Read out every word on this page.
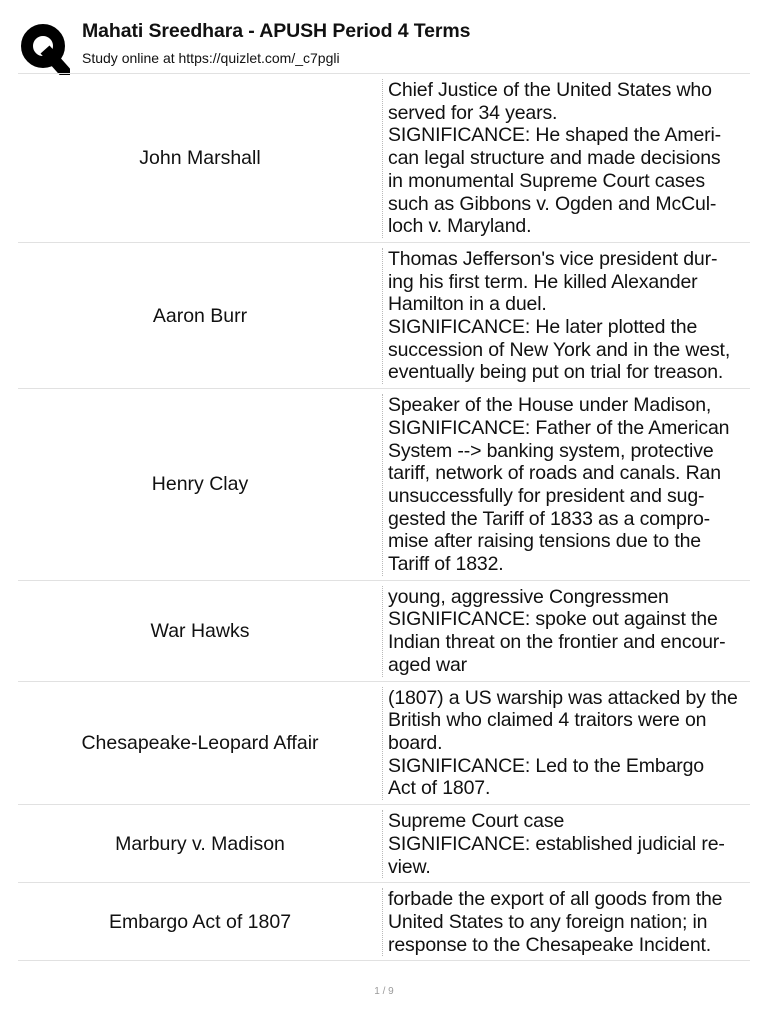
Mahati Sreedhara - APUSH Period 4 Terms
Study online at https://quizlet.com/_c7pgli
John Marshall
Chief Justice of the United States who
served for 34 years.
SIGNIFICANCE: He shaped the Ameri-
can legal structure and made decisions
in monumental Supreme Court cases
such as Gibbons v. Ogden and McCul-
loch v. Maryland.
Aaron Burr
Thomas Jefferson's vice president dur-
ing his first term. He killed Alexander
Hamilton in a duel.
SIGNIFICANCE: He later plotted the
succession of New York and in the west,
eventually being put on trial for treason.
Henry Clay
Speaker of the House under Madison,
SIGNIFICANCE: Father of the American
System --> banking system, protective
tariff, network of roads and canals. Ran
unsuccessfully for president and sug-
gested the Tariff of 1833 as a compro-
mise after raising tensions due to the
Tariff of 1832.
War Hawks
young, aggressive Congressmen
SIGNIFICANCE: spoke out against the
Indian threat on the frontier and encour-
aged war
Chesapeake-Leopard Affair
(1807) a US warship was attacked by the
British who claimed 4 traitors were on
board.
SIGNIFICANCE: Led to the Embargo
Act of 1807.
Marbury v. Madison
Supreme Court case
SIGNIFICANCE: established judicial re-
view.
Embargo Act of 1807
forbade the export of all goods from the
United States to any foreign nation; in
response to the Chesapeake Incident.
1 / 9
